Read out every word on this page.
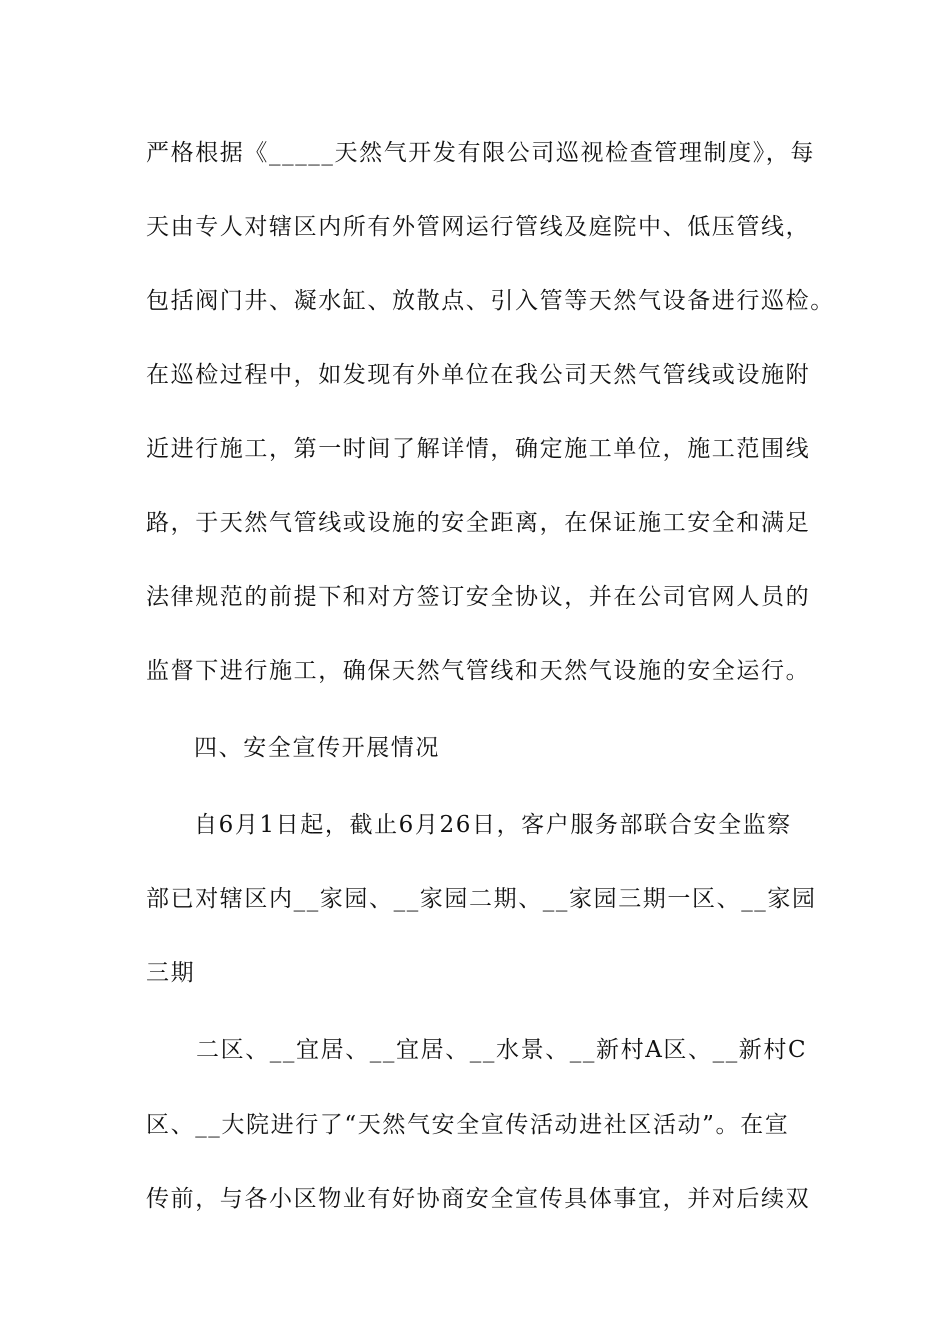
严格根据《_____天然气开发有限公司巡视检查管理制度》，每
天由专人对辖区内所有外管网运行管线及庭院中、低压管线，
包括阀门井、凝水缸、放散点、引入管等天然气设备进行巡检。
在巡检过程中，如发现有外单位在我公司天然气管线或设施附
近进行施工，第一时间了解详情，确定施工单位，施工范围线
路，于天然气管线或设施的安全距离，在保证施工安全和满足
法律规范的前提下和对方签订安全协议，并在公司官网人员的
监督下进行施工，确保天然气管线和天然气设施的安全运行。
四、安全宣传开展情况
自6月1日起，截止6月26日，客户服务部联合安全监察
部已对辖区内__家园、__家园二期、__家园三期一区、__家园
三期
二区、__宜居、__宜居、__水景、__新村A区、__新村C
区、__大院进行了“天然气安全宣传活动进社区活动”。在宣
传前，与各小区物业有好协商安全宣传具体事宜，并对后续双
